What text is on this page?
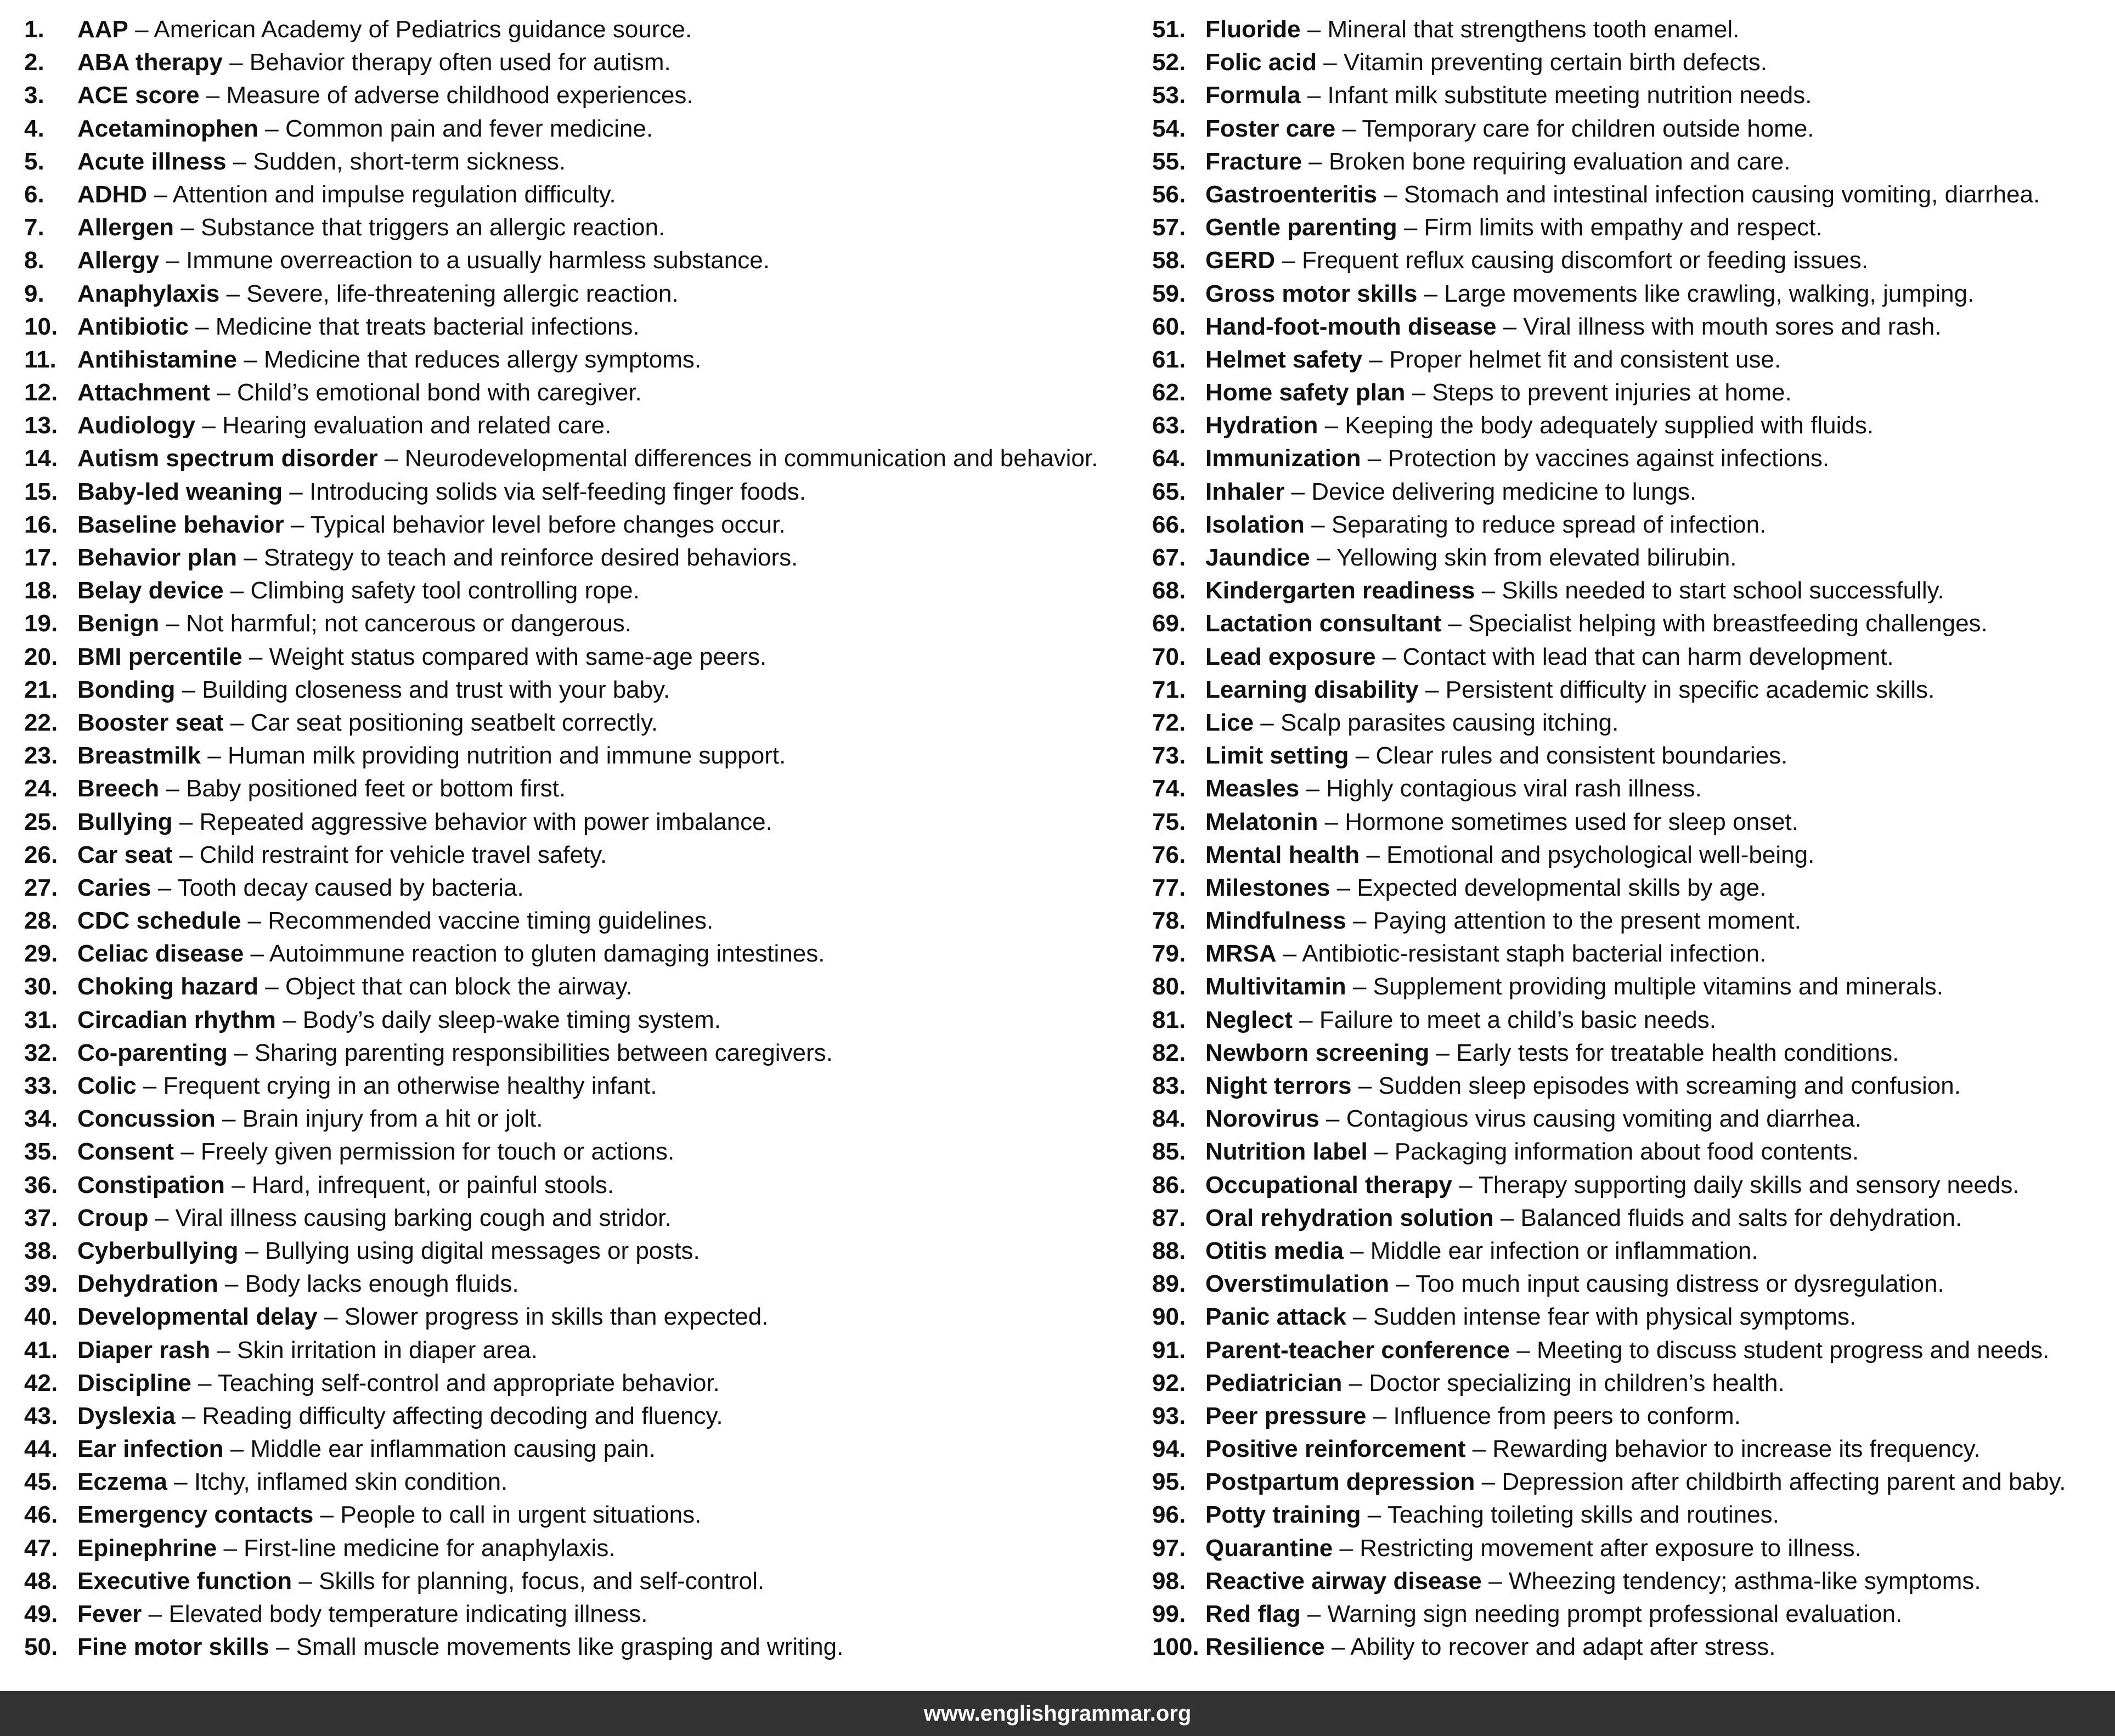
1. AAP – American Academy of Pediatrics guidance source.
2. ABA therapy – Behavior therapy often used for autism.
3. ACE score – Measure of adverse childhood experiences.
4. Acetaminophen – Common pain and fever medicine.
5. Acute illness – Sudden, short-term sickness.
6. ADHD – Attention and impulse regulation difficulty.
7. Allergen – Substance that triggers an allergic reaction.
8. Allergy – Immune overreaction to a usually harmless substance.
9. Anaphylaxis – Severe, life-threatening allergic reaction.
10. Antibiotic – Medicine that treats bacterial infections.
11. Antihistamine – Medicine that reduces allergy symptoms.
12. Attachment – Child’s emotional bond with caregiver.
13. Audiology – Hearing evaluation and related care.
14. Autism spectrum disorder – Neurodevelopmental differences in communication and behavior.
15. Baby-led weaning – Introducing solids via self-feeding finger foods.
16. Baseline behavior – Typical behavior level before changes occur.
17. Behavior plan – Strategy to teach and reinforce desired behaviors.
18. Belay device – Climbing safety tool controlling rope.
19. Benign – Not harmful; not cancerous or dangerous.
20. BMI percentile – Weight status compared with same-age peers.
21. Bonding – Building closeness and trust with your baby.
22. Booster seat – Car seat positioning seatbelt correctly.
23. Breastmilk – Human milk providing nutrition and immune support.
24. Breech – Baby positioned feet or bottom first.
25. Bullying – Repeated aggressive behavior with power imbalance.
26. Car seat – Child restraint for vehicle travel safety.
27. Caries – Tooth decay caused by bacteria.
28. CDC schedule – Recommended vaccine timing guidelines.
29. Celiac disease – Autoimmune reaction to gluten damaging intestines.
30. Choking hazard – Object that can block the airway.
31. Circadian rhythm – Body’s daily sleep-wake timing system.
32. Co-parenting – Sharing parenting responsibilities between caregivers.
33. Colic – Frequent crying in an otherwise healthy infant.
34. Concussion – Brain injury from a hit or jolt.
35. Consent – Freely given permission for touch or actions.
36. Constipation – Hard, infrequent, or painful stools.
37. Croup – Viral illness causing barking cough and stridor.
38. Cyberbullying – Bullying using digital messages or posts.
39. Dehydration – Body lacks enough fluids.
40. Developmental delay – Slower progress in skills than expected.
41. Diaper rash – Skin irritation in diaper area.
42. Discipline – Teaching self-control and appropriate behavior.
43. Dyslexia – Reading difficulty affecting decoding and fluency.
44. Ear infection – Middle ear inflammation causing pain.
45. Eczema – Itchy, inflamed skin condition.
46. Emergency contacts – People to call in urgent situations.
47. Epinephrine – First-line medicine for anaphylaxis.
48. Executive function – Skills for planning, focus, and self-control.
49. Fever – Elevated body temperature indicating illness.
50. Fine motor skills – Small muscle movements like grasping and writing.
51. Fluoride – Mineral that strengthens tooth enamel.
52. Folic acid – Vitamin preventing certain birth defects.
53. Formula – Infant milk substitute meeting nutrition needs.
54. Foster care – Temporary care for children outside home.
55. Fracture – Broken bone requiring evaluation and care.
56. Gastroenteritis – Stomach and intestinal infection causing vomiting, diarrhea.
57. Gentle parenting – Firm limits with empathy and respect.
58. GERD – Frequent reflux causing discomfort or feeding issues.
59. Gross motor skills – Large movements like crawling, walking, jumping.
60. Hand-foot-mouth disease – Viral illness with mouth sores and rash.
61. Helmet safety – Proper helmet fit and consistent use.
62. Home safety plan – Steps to prevent injuries at home.
63. Hydration – Keeping the body adequately supplied with fluids.
64. Immunization – Protection by vaccines against infections.
65. Inhaler – Device delivering medicine to lungs.
66. Isolation – Separating to reduce spread of infection.
67. Jaundice – Yellowing skin from elevated bilirubin.
68. Kindergarten readiness – Skills needed to start school successfully.
69. Lactation consultant – Specialist helping with breastfeeding challenges.
70. Lead exposure – Contact with lead that can harm development.
71. Learning disability – Persistent difficulty in specific academic skills.
72. Lice – Scalp parasites causing itching.
73. Limit setting – Clear rules and consistent boundaries.
74. Measles – Highly contagious viral rash illness.
75. Melatonin – Hormone sometimes used for sleep onset.
76. Mental health – Emotional and psychological well-being.
77. Milestones – Expected developmental skills by age.
78. Mindfulness – Paying attention to the present moment.
79. MRSA – Antibiotic-resistant staph bacterial infection.
80. Multivitamin – Supplement providing multiple vitamins and minerals.
81. Neglect – Failure to meet a child’s basic needs.
82. Newborn screening – Early tests for treatable health conditions.
83. Night terrors – Sudden sleep episodes with screaming and confusion.
84. Norovirus – Contagious virus causing vomiting and diarrhea.
85. Nutrition label – Packaging information about food contents.
86. Occupational therapy – Therapy supporting daily skills and sensory needs.
87. Oral rehydration solution – Balanced fluids and salts for dehydration.
88. Otitis media – Middle ear infection or inflammation.
89. Overstimulation – Too much input causing distress or dysregulation.
90. Panic attack – Sudden intense fear with physical symptoms.
91. Parent-teacher conference – Meeting to discuss student progress and needs.
92. Pediatrician – Doctor specializing in children’s health.
93. Peer pressure – Influence from peers to conform.
94. Positive reinforcement – Rewarding behavior to increase its frequency.
95. Postpartum depression – Depression after childbirth affecting parent and baby.
96. Potty training – Teaching toileting skills and routines.
97. Quarantine – Restricting movement after exposure to illness.
98. Reactive airway disease – Wheezing tendency; asthma-like symptoms.
99. Red flag – Warning sign needing prompt professional evaluation.
100. Resilience – Ability to recover and adapt after stress.
www.englishgrammar.org
